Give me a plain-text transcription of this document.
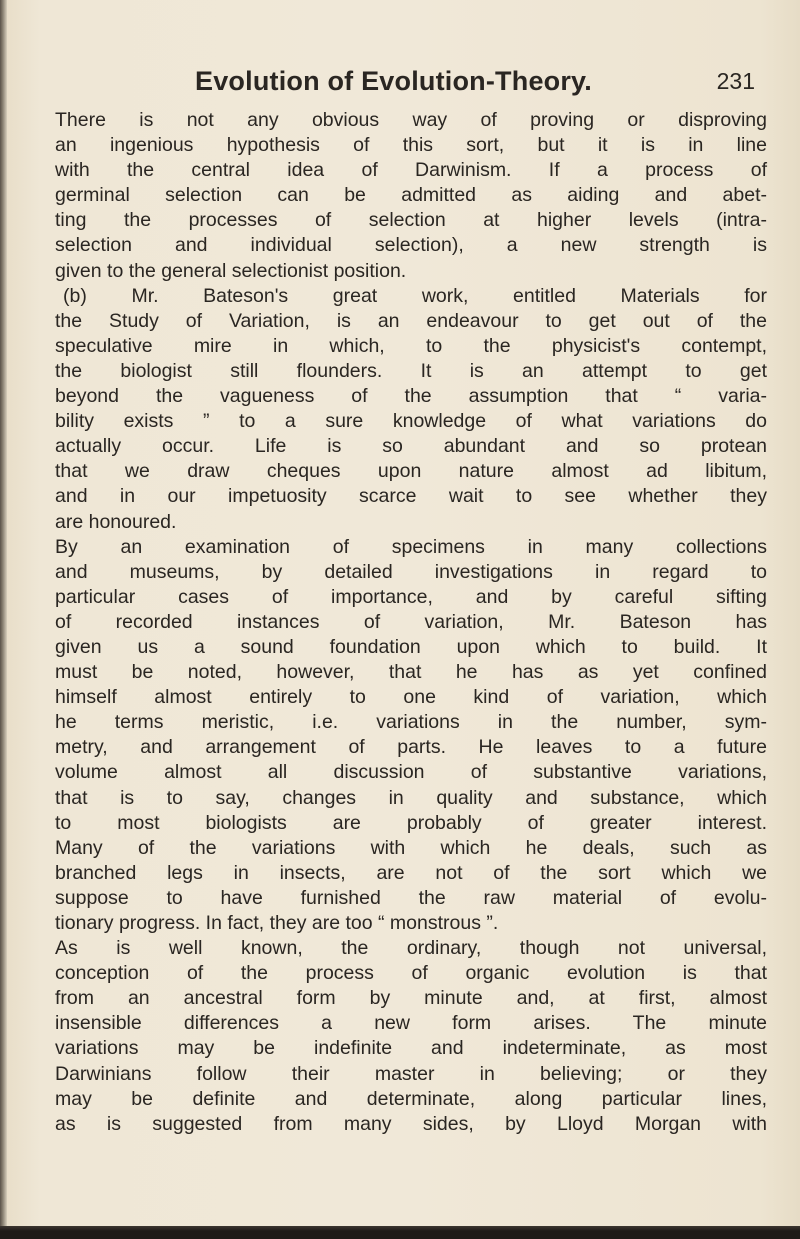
Evolution of Evolution-Theory.	231
There is not any obvious way of proving or disproving
an ingenious hypothesis of this sort, but it is in line
with the central idea of Darwinism. If a process of
germinal selection can be admitted as aiding and abet-
ting the processes of selection at higher levels (intra-
selection and individual selection), a new strength is
given to the general selectionist position.
(b) Mr. Bateson's great work, entitled Materials for
the Study of Variation, is an endeavour to get out of the
speculative mire in which, to the physicist's contempt,
the biologist still flounders. It is an attempt to get
beyond the vagueness of the assumption that “ varia-
bility exists ” to a sure knowledge of what variations do
actually occur. Life is so abundant and so protean
that we draw cheques upon nature almost ad libitum,
and in our impetuosity scarce wait to see whether they
are honoured.
By an examination of specimens in many collections
and museums, by detailed investigations in regard to
particular cases of importance, and by careful sifting
of recorded instances of variation, Mr. Bateson has
given us a sound foundation upon which to build. It
must be noted, however, that he has as yet confined
himself almost entirely to one kind of variation, which
he terms meristic, i.e. variations in the number, sym-
metry, and arrangement of parts. He leaves to a future
volume almost all discussion of substantive variations,
that is to say, changes in quality and substance, which
to most biologists are probably of greater interest.
Many of the variations with which he deals, such as
branched legs in insects, are not of the sort which we
suppose to have furnished the raw material of evolu-
tionary progress. In fact, they are too “ monstrous ”.
As is well known, the ordinary, though not universal,
conception of the process of organic evolution is that
from an ancestral form by minute and, at first, almost
insensible differences a new form arises. The minute
variations may be indefinite and indeterminate, as most
Darwinians follow their master in believing; or they
may be definite and determinate, along particular lines,
as is suggested from many sides, by Lloyd Morgan with
